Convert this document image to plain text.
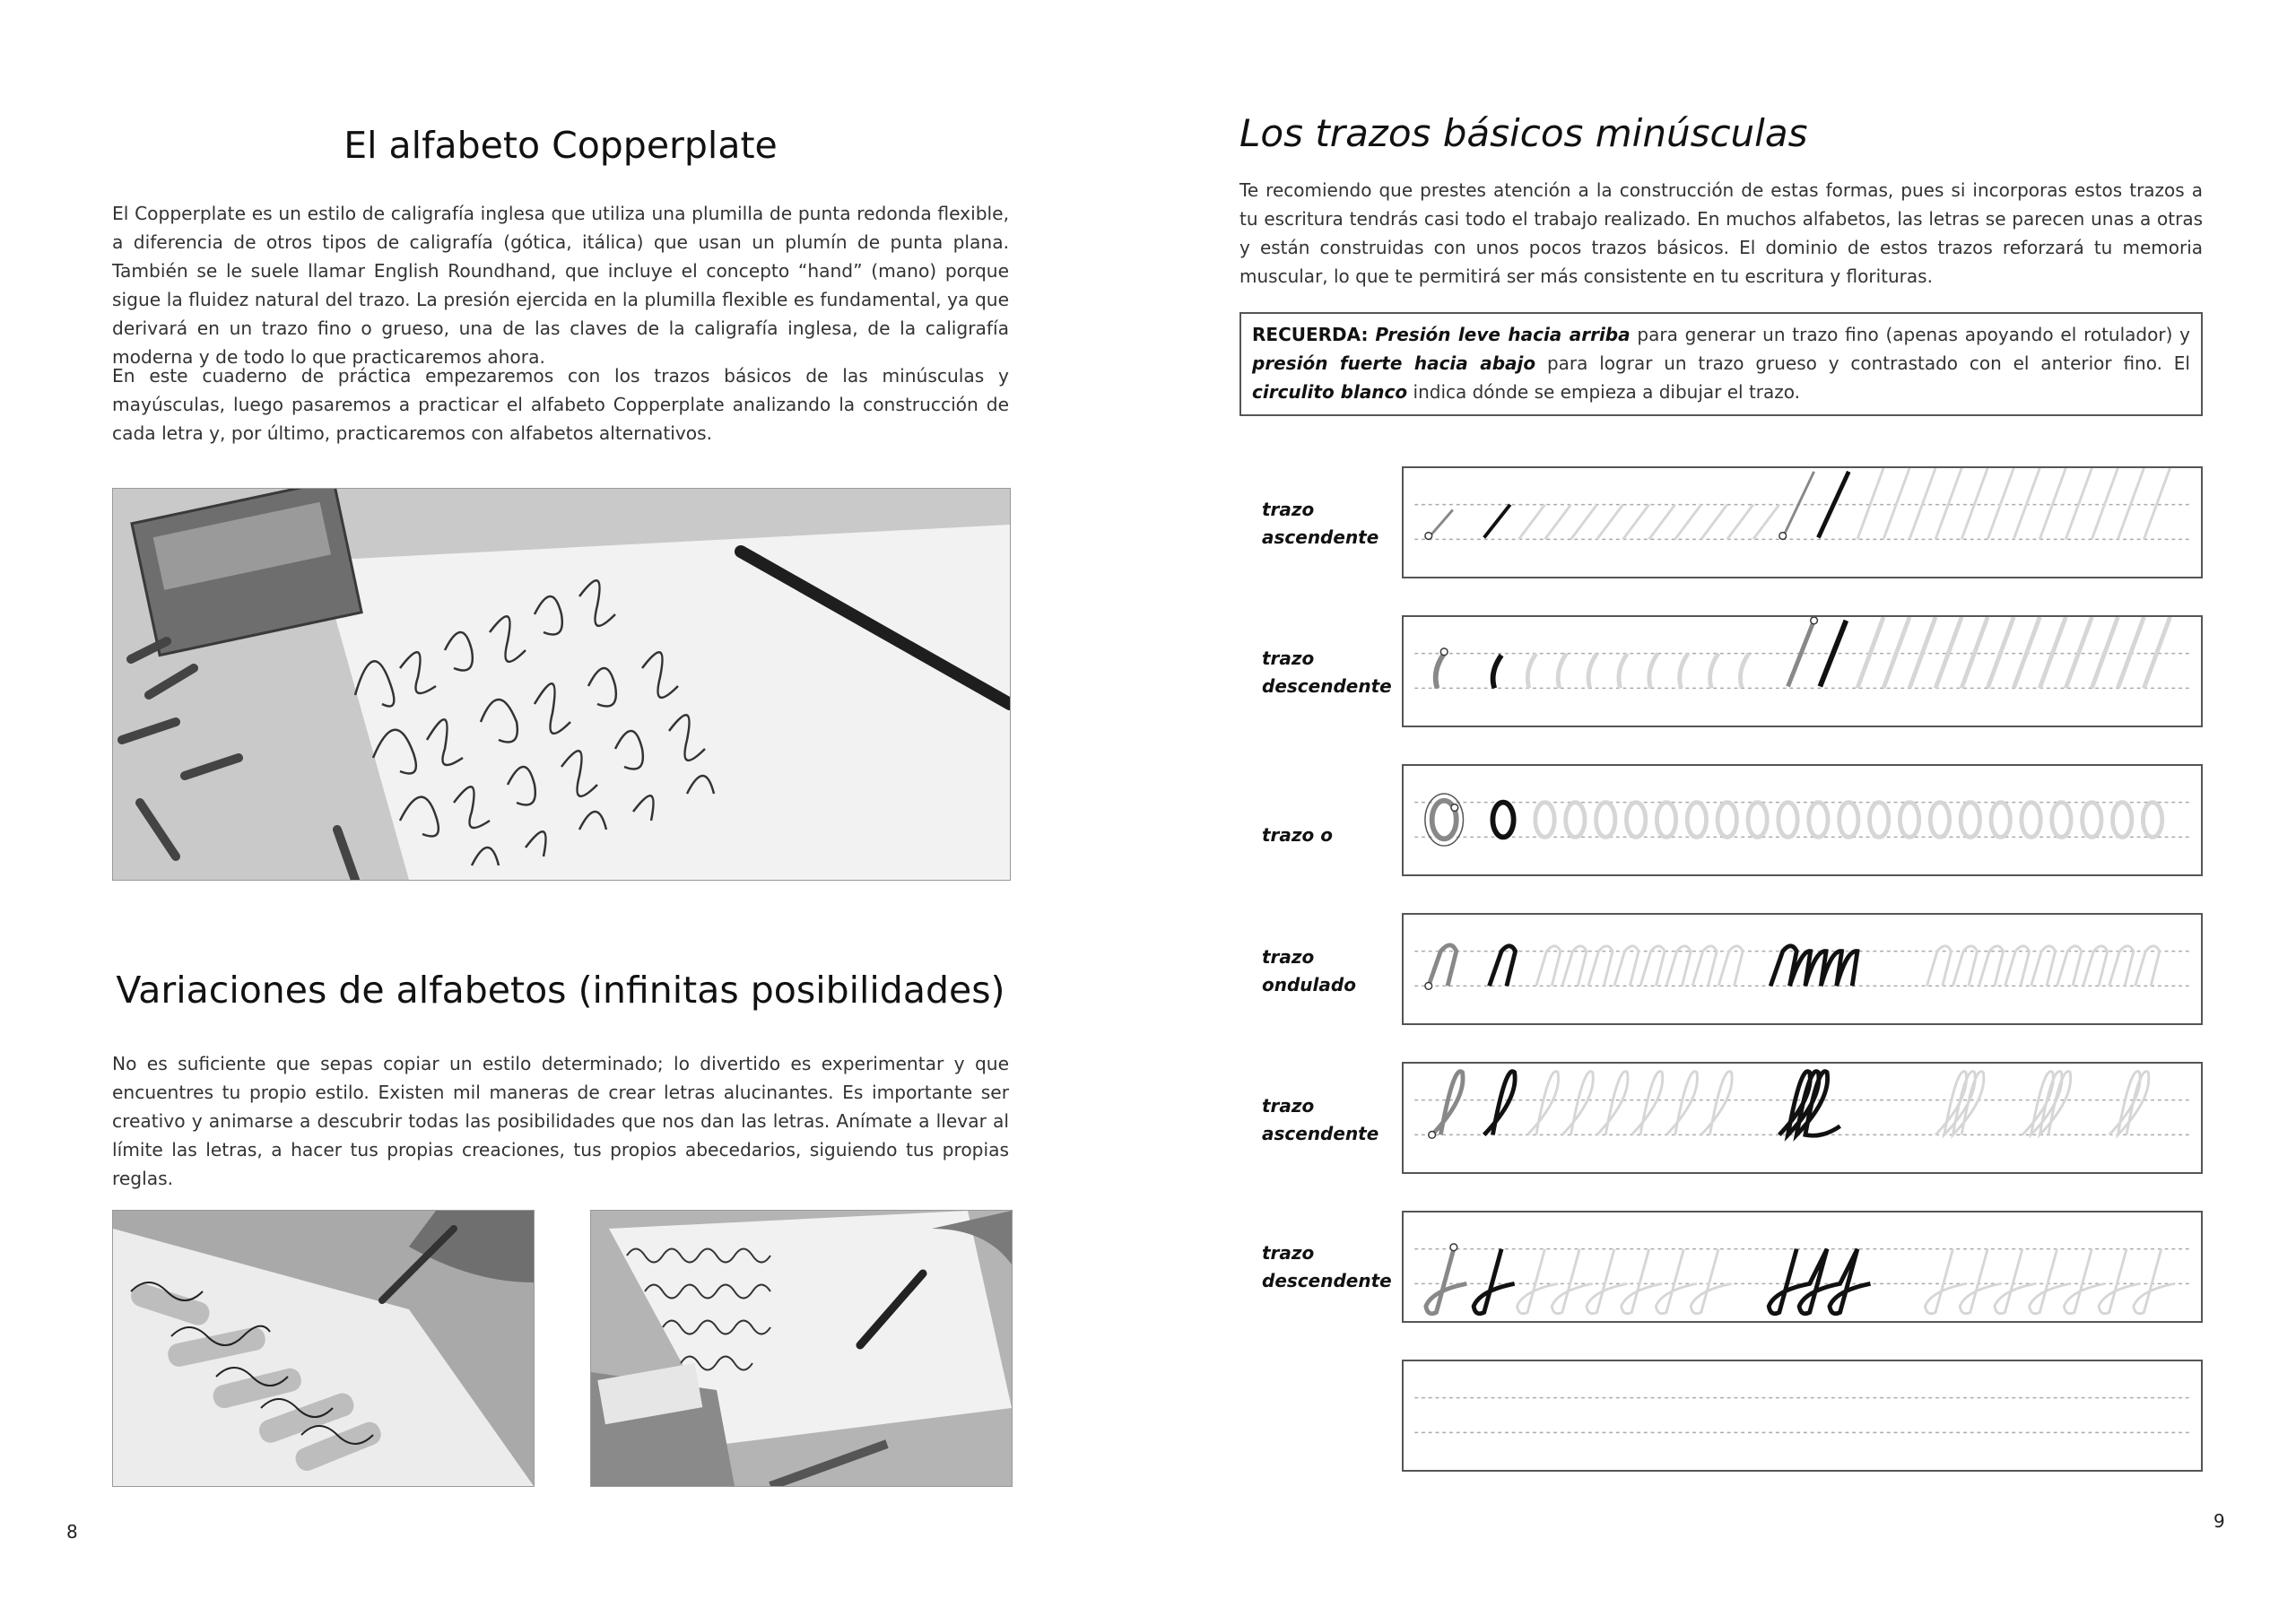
El alfabeto Copperplate

El Copperplate es un estilo de caligrafía inglesa que utiliza una plumilla de punta redonda flexible, a diferencia de otros tipos de caligrafía (gótica, itálica) que usan un plumín de punta plana. También se le suele llamar English Roundhand, que incluye el concepto “hand” (mano) porque sigue la fluidez natural del trazo. La presión ejercida en la plumilla flexible es fundamental, ya que derivará en un trazo fino o grueso, una de las claves de la caligrafía inglesa, de la caligrafía moderna y de todo lo que practicaremos ahora.

En este cuaderno de práctica empezaremos con los trazos básicos de las minúsculas y mayúsculas, luego pasaremos a practicar el alfabeto Copperplate analizando la construcción de cada letra y, por último, practicaremos con alfabetos alternativos.

Variaciones de alfabetos (infinitas posibilidades)

No es suficiente que sepas copiar un estilo determinado; lo divertido es experimentar y que encuentres tu propio estilo. Existen mil maneras de crear letras alucinantes. Es importante ser creativo y animarse a descubrir todas las posibilidades que nos dan las letras. Anímate a llevar al límite las letras, a hacer tus propias creaciones, tus propios abecedarios, siguiendo tus propias reglas.

8
Los trazos básicos minúsculas

Te recomiendo que prestes atención a la construcción de estas formas, pues si incorporas estos trazos a tu escritura tendrás casi todo el trabajo realizado. En muchos alfabetos, las letras se parecen unas a otras y están construidas con unos pocos trazos básicos. El dominio de estos trazos reforzará tu memoria muscular, lo que te permitirá ser más consistente en tu escritura y florituras.

RECUERDA: Presión leve hacia arriba para generar un trazo fino (apenas apoyando el rotulador) y presión fuerte hacia abajo para lograr un trazo grueso y contrastado con el anterior fino. El circulito blanco indica dónde se empieza a dibujar el trazo.
trazo
ascendente
trazo
descendente
trazo o
trazo
ondulado
trazo
ascendente
trazo
descendente
9
